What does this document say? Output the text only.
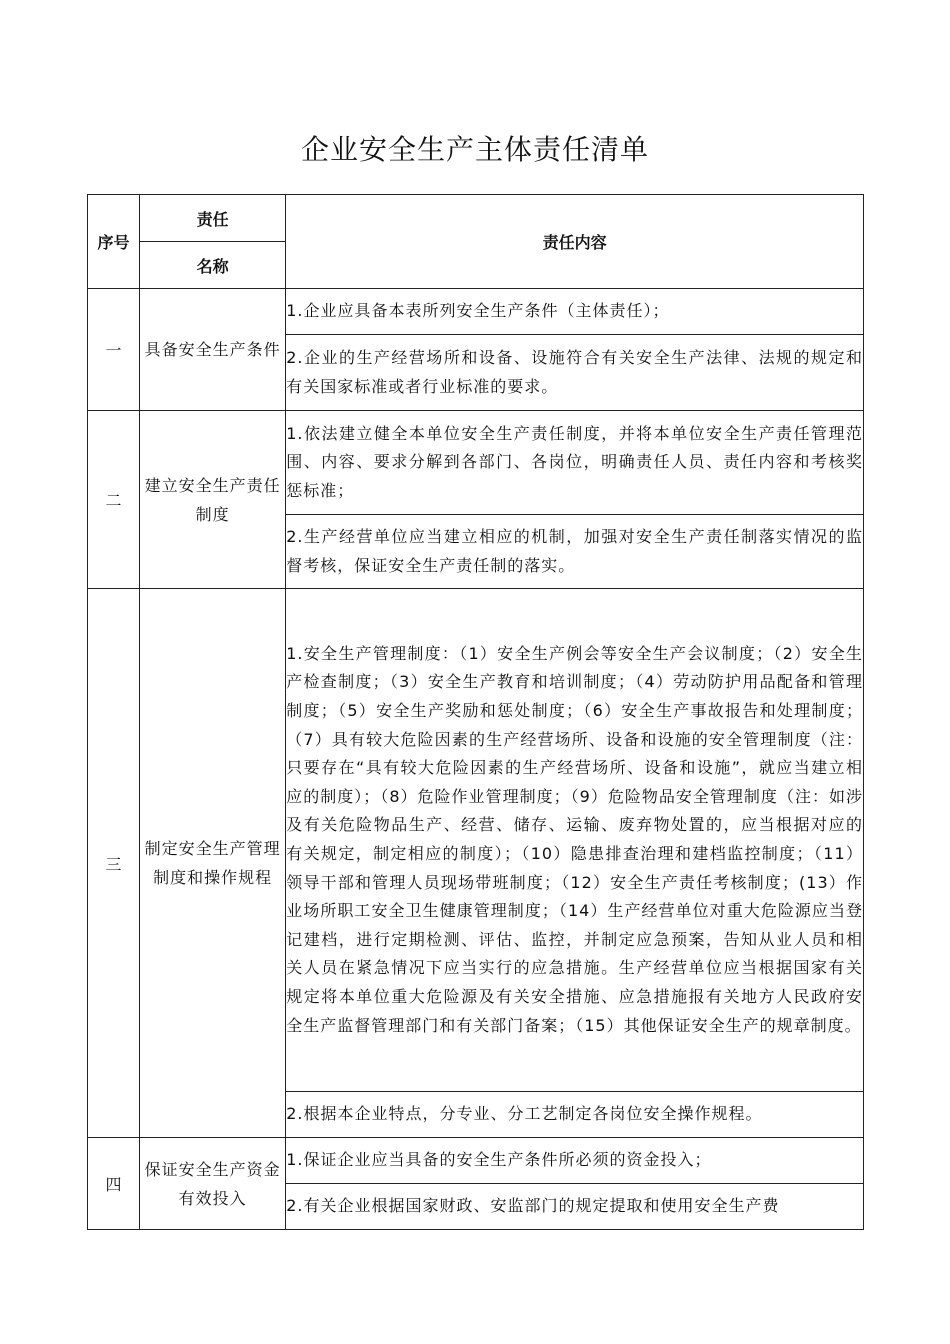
企业安全生产主体责任清单
序号	责任	责任内容
	名称	
一	具备安全生产条件	1.企业应具备本表所列安全生产条件（主体责任）；
		2.企业的生产经营场所和设备、设施符合有关安全生产法律、法规的规定和有关国家标准或者行业标准的要求。
二	建立安全生产责任制度	1.依法建立健全本单位安全生产责任制度，并将本单位安全生产责任管理范围、内容、要求分解到各部门、各岗位，明确责任人员、责任内容和考核奖惩标准；
		2.生产经营单位应当建立相应的机制，加强对安全生产责任制落实情况的监督考核，保证安全生产责任制的落实。
三	制定安全生产管理制度和操作规程	1.安全生产管理制度：（1）安全生产例会等安全生产会议制度；（2）安全生产检查制度；（3）安全生产教育和培训制度；（4）劳动防护用品配备和管理制度；（5）安全生产奖励和惩处制度；（6）安全生产事故报告和处理制度；（7）具有较大危险因素的生产经营场所、设备和设施的安全管理制度（注：只要存在“具有较大危险因素的生产经营场所、设备和设施”，就应当建立相应的制度）；（8）危险作业管理制度；（9）危险物品安全管理制度（注：如涉及有关危险物品生产、经营、储存、运输、废弃物处置的，应当根据对应的有关规定，制定相应的制度）；（10）隐患排查治理和建档监控制度；（11）领导干部和管理人员现场带班制度；（12）安全生产责任考核制度；(13）作业场所职工安全卫生健康管理制度；（14）生产经营单位对重大危险源应当登记建档，进行定期检测、评估、监控，并制定应急预案，告知从业人员和相关人员在紧急情况下应当实行的应急措施。生产经营单位应当根据国家有关规定将本单位重大危险源及有关安全措施、应急措施报有关地方人民政府安全生产监督管理部门和有关部门备案；（15）其他保证安全生产的规章制度。
		2.根据本企业特点，分专业、分工艺制定各岗位安全操作规程。
四	保证安全生产资金有效投入	1.保证企业应当具备的安全生产条件所必须的资金投入；
		2.有关企业根据国家财政、安监部门的规定提取和使用安全生产费
